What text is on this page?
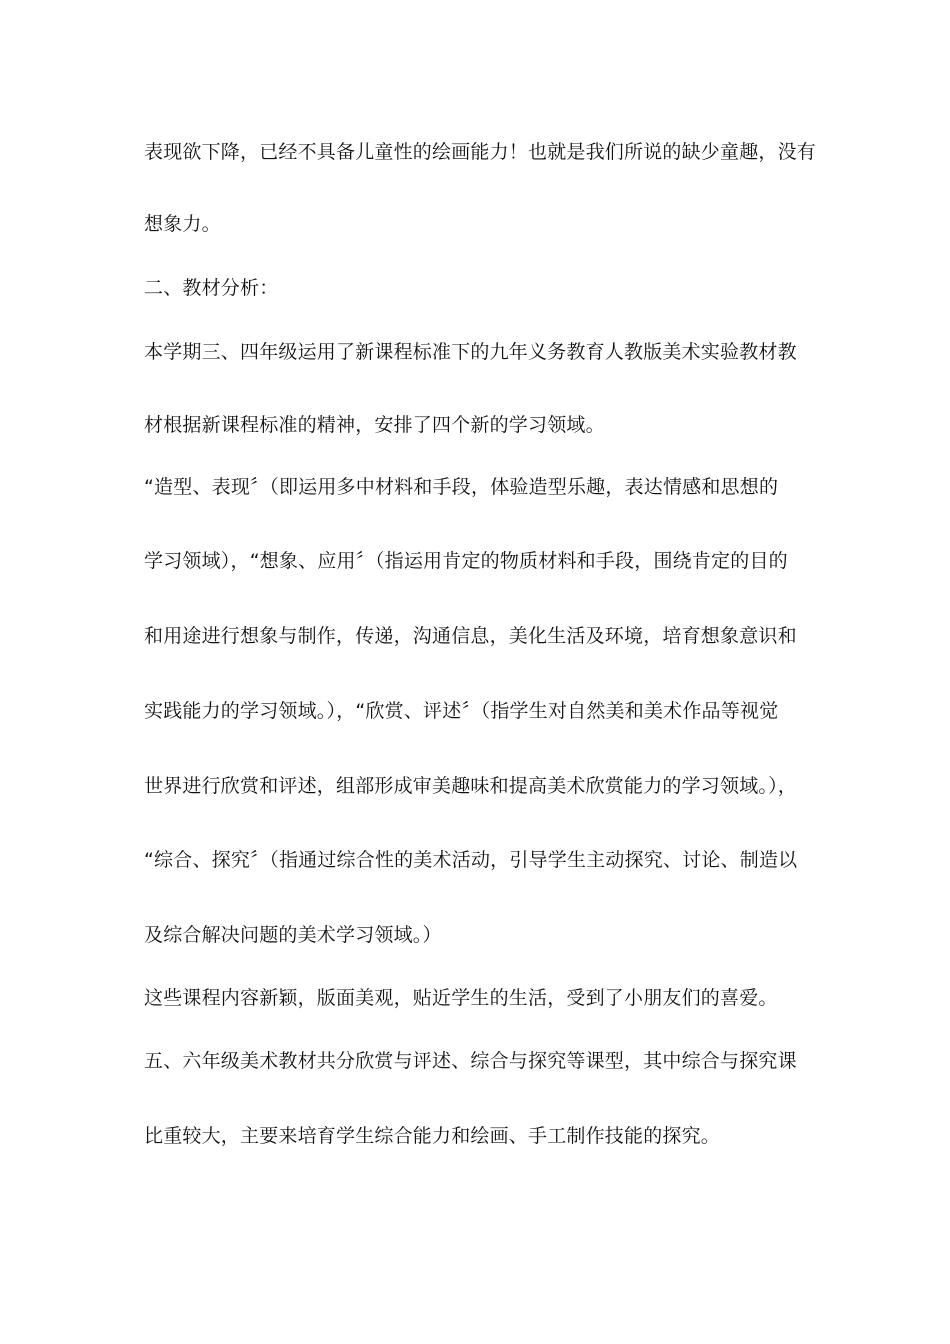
表现欲下降，已经不具备儿童性的绘画能力！也就是我们所说的缺少童趣，没有
想象力。
二、教材分析：
本学期三、四年级运用了新课程标准下的九年义务教育人教版美术实验教材教
材根据新课程标准的精神，安排了四个新的学习领域。
“造型、表现〞（即运用多中材料和手段，体验造型乐趣，表达情感和思想的
学习领域），“想象、应用〞（指运用肯定的物质材料和手段，围绕肯定的目的
和用途进行想象与制作，传递，沟通信息，美化生活及环境，培育想象意识和
实践能力的学习领域。），“欣赏、评述〞（指学生对自然美和美术作品等视觉
世界进行欣赏和评述，组部形成审美趣味和提高美术欣赏能力的学习领域。），
“综合、探究〞（指通过综合性的美术活动，引导学生主动探究、讨论、制造以
及综合解决问题的美术学习领域。）
这些课程内容新颖，版面美观，贴近学生的生活，受到了小朋友们的喜爱。
五、六年级美术教材共分欣赏与评述、综合与探究等课型，其中综合与探究课
比重较大，主要来培育学生综合能力和绘画、手工制作技能的探究。
